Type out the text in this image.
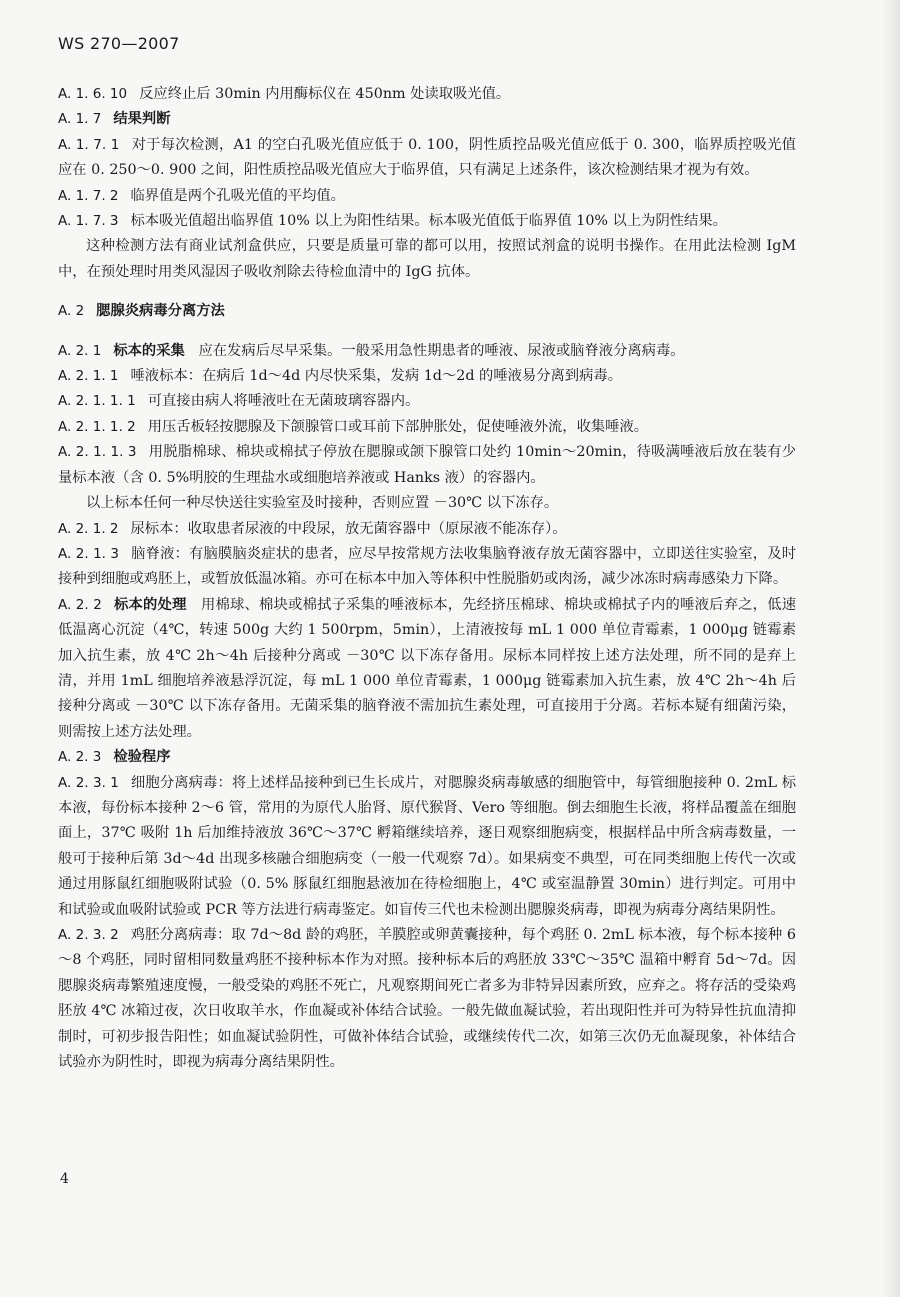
WS 270—2007

A. 1. 6. 10 反应终止后 30min 内用酶标仪在 450nm 处读取吸光值。

A. 1. 7 结果判断

A. 1. 7. 1 对于每次检测，A1 的空白孔吸光值应低于 0. 100，阴性质控品吸光值应低于 0. 300，临界质控吸光值应在 0. 250～0. 900 之间，阳性质控品吸光值应大于临界值，只有满足上述条件，该次检测结果才视为有效。

A. 1. 7. 2 临界值是两个孔吸光值的平均值。

A. 1. 7. 3 标本吸光值超出临界值 10% 以上为阳性结果。标本吸光值低于临界值 10% 以上为阴性结果。

这种检测方法有商业试剂盒供应，只要是质量可靠的都可以用，按照试剂盒的说明书操作。在用此法检测 IgM 中，在预处理时用类风湿因子吸收剂除去待检血清中的 IgG 抗体。

A. 2 腮腺炎病毒分离方法

A. 2. 1 标本的采集 应在发病后尽早采集。一般采用急性期患者的唾液、尿液或脑脊液分离病毒。

A. 2. 1. 1 唾液标本：在病后 1d～4d 内尽快采集，发病 1d～2d 的唾液易分离到病毒。

A. 2. 1. 1. 1 可直接由病人将唾液吐在无菌玻璃容器内。

A. 2. 1. 1. 2 用压舌板轻按腮腺及下颌腺管口或耳前下部肿胀处，促使唾液外流，收集唾液。

A. 2. 1. 1. 3 用脱脂棉球、棉块或棉拭子停放在腮腺或颌下腺管口处约 10min～20min，待吸满唾液后放在装有少量标本液（含 0. 5%明胶的生理盐水或细胞培养液或 Hanks 液）的容器内。

以上标本任何一种尽快送往实验室及时接种，否则应置 －30℃ 以下冻存。

A. 2. 1. 2 尿标本：收取患者尿液的中段尿，放无菌容器中（原尿液不能冻存）。

A. 2. 1. 3 脑脊液：有脑膜脑炎症状的患者，应尽早按常规方法收集脑脊液存放无菌容器中，立即送往实验室，及时接种到细胞或鸡胚上，或暂放低温冰箱。亦可在标本中加入等体积中性脱脂奶或肉汤，减少冰冻时病毒感染力下降。

A. 2. 2 标本的处理 用棉球、棉块或棉拭子采集的唾液标本，先经挤压棉球、棉块或棉拭子内的唾液后弃之，低速低温离心沉淀（4℃，转速 500g 大约 1 500rpm，5min），上清液按每 mL 1 000 单位青霉素，1 000μg 链霉素加入抗生素，放 4℃ 2h～4h 后接种分离或 －30℃ 以下冻存备用。尿标本同样按上述方法处理，所不同的是弃上清，并用 1mL 细胞培养液悬浮沉淀，每 mL 1 000 单位青霉素，1 000μg 链霉素加入抗生素，放 4℃ 2h～4h 后接种分离或 －30℃ 以下冻存备用。无菌采集的脑脊液不需加抗生素处理，可直接用于分离。若标本疑有细菌污染，则需按上述方法处理。

A. 2. 3 检验程序

A. 2. 3. 1 细胞分离病毒：将上述样品接种到已生长成片，对腮腺炎病毒敏感的细胞管中，每管细胞接种 0. 2mL 标本液，每份标本接种 2～6 管，常用的为原代人胎肾、原代猴肾、Vero 等细胞。倒去细胞生长液，将样品覆盖在细胞面上，37℃ 吸附 1h 后加维持液放 36℃～37℃ 孵箱继续培养，逐日观察细胞病变，根据样品中所含病毒数量，一般可于接种后第 3d～4d 出现多核融合细胞病变（一般一代观察 7d）。如果病变不典型，可在同类细胞上传代一次或通过用豚鼠红细胞吸附试验（0. 5% 豚鼠红细胞悬液加在待检细胞上，4℃ 或室温静置 30min）进行判定。可用中和试验或血吸附试验或 PCR 等方法进行病毒鉴定。如盲传三代也未检测出腮腺炎病毒，即视为病毒分离结果阴性。

A. 2. 3. 2 鸡胚分离病毒：取 7d～8d 龄的鸡胚，羊膜腔或卵黄囊接种，每个鸡胚 0. 2mL 标本液，每个标本接种 6～8 个鸡胚，同时留相同数量鸡胚不接种标本作为对照。接种标本后的鸡胚放 33℃～35℃ 温箱中孵育 5d～7d。因腮腺炎病毒繁殖速度慢，一般受染的鸡胚不死亡，凡观察期间死亡者多为非特异因素所致，应弃之。将存活的受染鸡胚放 4℃ 冰箱过夜，次日收取羊水，作血凝或补体结合试验。一般先做血凝试验，若出现阳性并可为特异性抗血清抑制时，可初步报告阳性；如血凝试验阴性，可做补体结合试验，或继续传代二次，如第三次仍无血凝现象，补体结合试验亦为阴性时，即视为病毒分离结果阴性。

4
